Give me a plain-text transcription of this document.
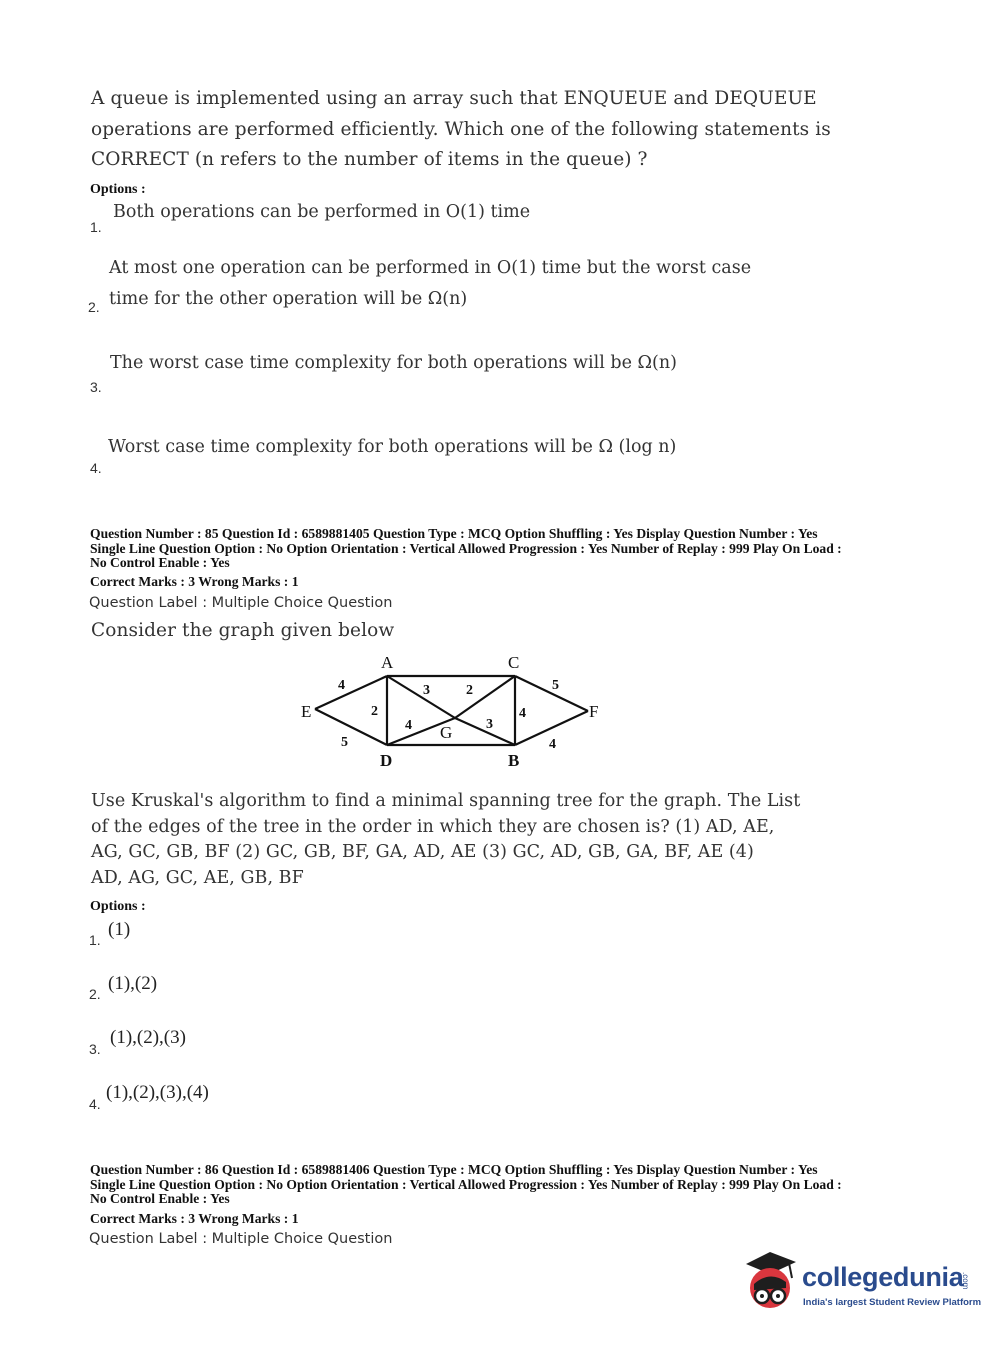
A queue is implemented using an array such that ENQUEUE and DEQUEUE
operations are performed efficiently. Which one of the following statements is
CORRECT (n refers to the number of items in the queue) ?
Options :
1.
Both operations can be performed in O(1) time
At most one operation can be performed in O(1) time but the worst case
time for the other operation will be Ω(n)
2.
The worst case time complexity for both operations will be Ω(n)
3.
Worst case time complexity for both operations will be Ω (log n)
4.
Question Number : 85 Question Id : 6589881405 Question Type : MCQ Option Shuffling : Yes Display Question Number : Yes
Single Line Question Option : No Option Orientation : Vertical Allowed Progression : Yes Number of Replay : 999 Play On Load :
No Control Enable : Yes
Correct Marks : 3 Wrong Marks : 1
Question Label : Multiple Choice Question
Consider the graph given below
A	C
E	F
G
D	B
4	3	2
5
2
4	3
4
5
4
Use Kruskal's algorithm to find a minimal spanning tree for the graph. The List
of the edges of the tree in the order in which they are chosen is? (1) AD, AE,
AG, GC, GB, BF (2) GC, GB, BF, GA, AD, AE (3) GC, AD, GB, GA, BF, AE (4)
AD, AG, GC, AE, GB, BF
Options :
1. (1)
2. (1),(2)
3.
(1),(2),(3)
4.
(1),(2),(3),(4)
Question Number : 86 Question Id : 6589881406 Question Type : MCQ Option Shuffling : Yes Display Question Number : Yes
Single Line Question Option : No Option Orientation : Vertical Allowed Progression : Yes Number of Replay : 999 Play On Load :
No Control Enable : Yes
Correct Marks : 3 Wrong Marks : 1
Question Label : Multiple Choice Question
collegedunia
.com
India's largest Student Review Platform
